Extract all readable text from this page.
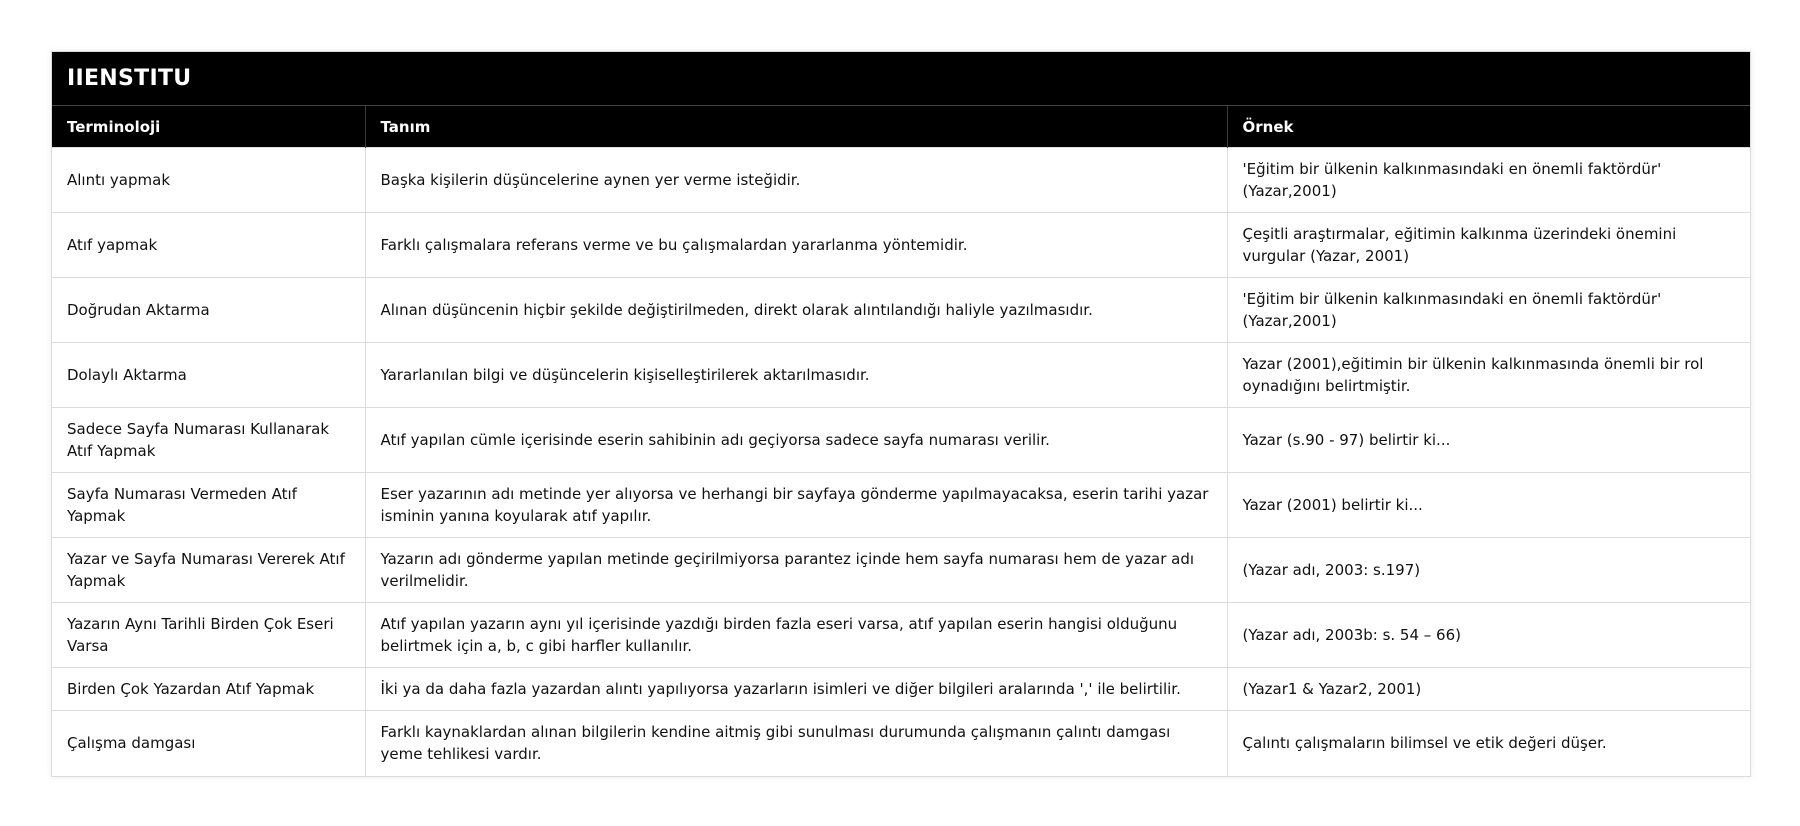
IIENSTITU
Terminoloji	Tanım	Örnek
Alıntı yapmak	Başka kişilerin düşüncelerine aynen yer verme isteğidir.	'Eğitim bir ülkenin kalkınmasındaki en önemli faktördür' (Yazar,2001)
Atıf yapmak	Farklı çalışmalara referans verme ve bu çalışmalardan yararlanma yöntemidir.	Çeşitli araştırmalar, eğitimin kalkınma üzerindeki önemini vurgular (Yazar, 2001)
Doğrudan Aktarma	Alınan düşüncenin hiçbir şekilde değiştirilmeden, direkt olarak alıntılandığı haliyle yazılmasıdır.	'Eğitim bir ülkenin kalkınmasındaki en önemli faktördür' (Yazar,2001)
Dolaylı Aktarma	Yararlanılan bilgi ve düşüncelerin kişiselleştirilerek aktarılmasıdır.	Yazar (2001),eğitimin bir ülkenin kalkınmasında önemli bir rol oynadığını belirtmiştir.
Sadece Sayfa Numarası Kullanarak Atıf Yapmak	Atıf yapılan cümle içerisinde eserin sahibinin adı geçiyorsa sadece sayfa numarası verilir.	Yazar (s.90 - 97) belirtir ki...
Sayfa Numarası Vermeden Atıf Yapmak	Eser yazarının adı metinde yer alıyorsa ve herhangi bir sayfaya gönderme yapılmayacaksa, eserin tarihi yazar isminin yanına koyularak atıf yapılır.	Yazar (2001) belirtir ki...
Yazar ve Sayfa Numarası Vererek Atıf Yapmak	Yazarın adı gönderme yapılan metinde geçirilmiyorsa parantez içinde hem sayfa numarası hem de yazar adı verilmelidir.	(Yazar adı, 2003: s.197)
Yazarın Aynı Tarihli Birden Çok Eseri Varsa	Atıf yapılan yazarın aynı yıl içerisinde yazdığı birden fazla eseri varsa, atıf yapılan eserin hangisi olduğunu belirtmek için a, b, c gibi harfler kullanılır.	(Yazar adı, 2003b: s. 54 – 66)
Birden Çok Yazardan Atıf Yapmak	İki ya da daha fazla yazardan alıntı yapılıyorsa yazarların isimleri ve diğer bilgileri aralarında ',' ile belirtilir.	(Yazar1 & Yazar2, 2001)
Çalışma damgası	Farklı kaynaklardan alınan bilgilerin kendine aitmiş gibi sunulması durumunda çalışmanın çalıntı damgası yeme tehlikesi vardır.	Çalıntı çalışmaların bilimsel ve etik değeri düşer.
